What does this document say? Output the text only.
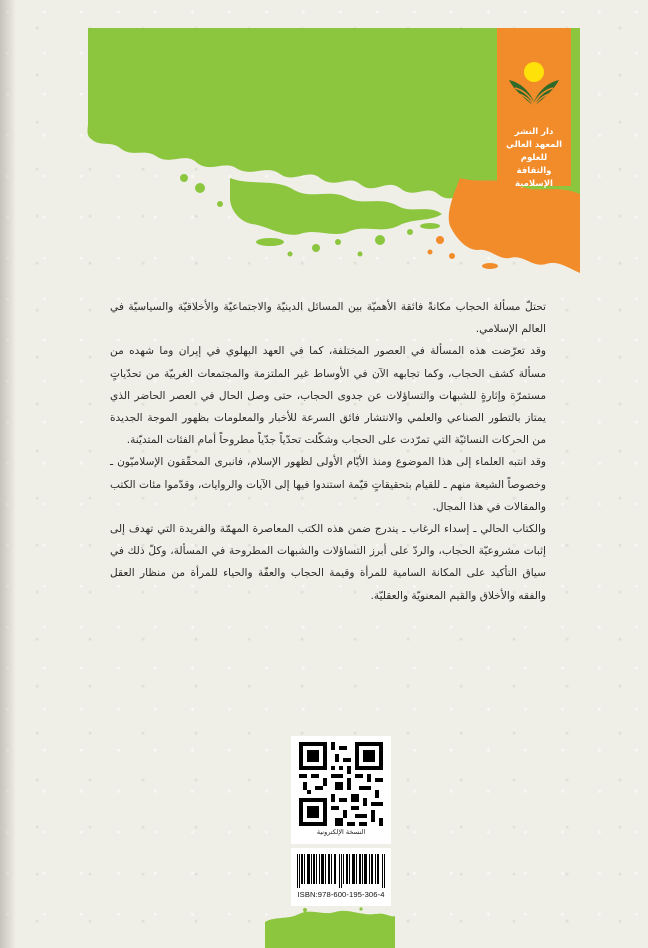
دار النشر
المعهد العالي للعلوم
والثقافة الإسلامية

تحتلّ مسألة الحجاب مكانةً فائقة الأهميّة بين المسائل الدينيّة والاجتماعيّة والأخلاقيّة والسياسيّة في العالم الإسلامي.

وقد تعرّضت هذه المسألة في العصور المختلفة، كما في العهد البهلوي في إيران وما شهده من مسألة كشف الحجاب، وكما تجابهه الآن في الأوساط غير الملتزمة والمجتمعات الغربيّة من تحدّياتٍ مستمرّة وإثارةٍ للشبهات والتساؤلات عن جدوى الحجاب، حتى وصل الحال في العصر الحاضر الذي يمتاز بالتطور الصناعي والعلمي والانتشار فائق السرعة للأخبار والمعلومات بظهور الموجة الجديدة من الحركات النسائيّة التي تمرّدت على الحجاب وشكّلت تحدّياً جدّياً مطروحاً أمام الفئات المتديّنة.

وقد انتبه العلماء إلى هذا الموضوع ومنذ الأيّام الأولى لظهور الإسلام، فانبرى المحقّقون الإسلاميّون ـ وخصوصاً الشيعة منهم ـ للقيام بتحقيقاتٍ قيّمة استندوا فيها إلى الآيات والروايات، وقدّموا مئات الكتب والمقالات في هذا المجال.

والكتاب الحالي ـ إسداء الرغاب ـ يندرج ضمن هذه الكتب المعاصرة المهمّة والفريدة التي تهدف إلى إثبات مشروعيّة الحجاب، والردّ على أبرز التساؤلات والشبهات المطروحة في المسألة، وكلّ ذلك في سياق التأكيد على المكانة السامية للمرأة وقيمة الحجاب والعفّة والحياء للمرأة من منظار العقل والفقه والأخلاق والقيم المعنويّة والعقليّة.

النسخة الإلكترونية
ISBN:978-600-195-306-4
